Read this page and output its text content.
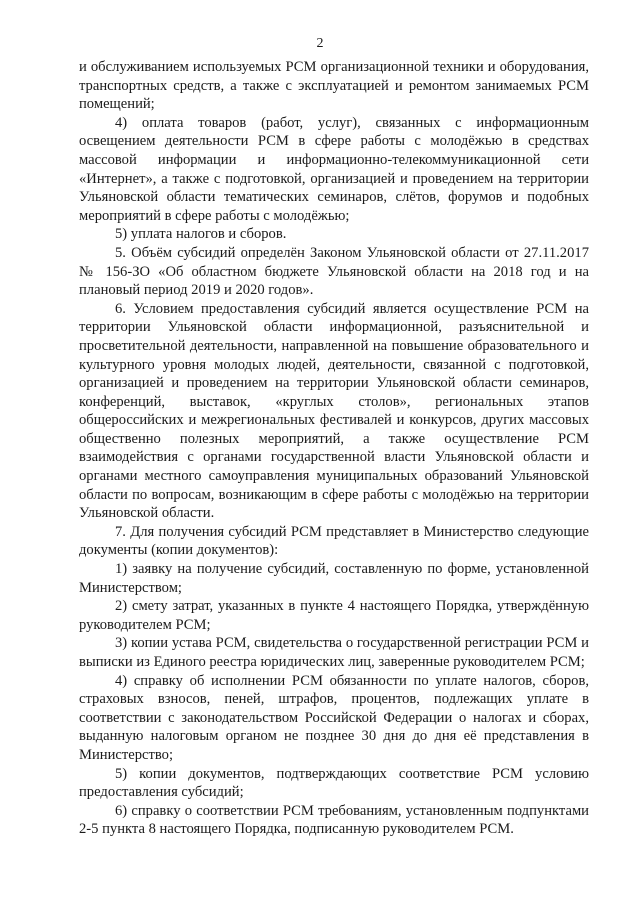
2

и обслуживанием используемых РСМ организационной техники и оборудования, транспортных средств, а также с эксплуатацией и ремонтом занимаемых РСМ помещений;

4) оплата товаров (работ, услуг), связанных с информационным освещением деятельности РСМ в сфере работы с молодёжью в средствах массовой информации и информационно-телекоммуникационной сети «Интернет», а также с подготовкой, организацией и проведением на территории Ульяновской области тематических семинаров, слётов, форумов и подобных мероприятий в сфере работы с молодёжью;

5) уплата налогов и сборов.

5. Объём субсидий определён Законом Ульяновской области от 27.11.2017 № 156-ЗО «Об областном бюджете Ульяновской области на 2018 год и на плановый период 2019 и 2020 годов».

6. Условием предоставления субсидий является осуществление РСМ на территории Ульяновской области информационной, разъяснительной и просветительной деятельности, направленной на повышение образовательного и культурного уровня молодых людей, деятельности, связанной с подготовкой, организацией и проведением на территории Ульяновской области семинаров, конференций, выставок, «круглых столов», региональных этапов общероссийских и межрегиональных фестивалей и конкурсов, других массовых общественно полезных мероприятий, а также осуществление РСМ взаимодействия с органами государственной власти Ульяновской области и органами местного самоуправления муниципальных образований Ульяновской области по вопросам, возникающим в сфере работы с молодёжью на территории Ульяновской области.

7. Для получения субсидий РСМ представляет в Министерство следующие документы (копии документов):

1) заявку на получение субсидий, составленную по форме, установленной Министерством;

2) смету затрат, указанных в пункте 4 настоящего Порядка, утверждённую руководителем РСМ;

3) копии устава РСМ, свидетельства о государственной регистрации РСМ и выписки из Единого реестра юридических лиц, заверенные руководителем РСМ;

4) справку об исполнении РСМ обязанности по уплате налогов, сборов, страховых взносов, пеней, штрафов, процентов, подлежащих уплате в соответствии с законодательством Российской Федерации о налогах и сборах, выданную налоговым органом не позднее 30 дня до дня её представления в Министерство;

5) копии документов, подтверждающих соответствие РСМ условию предоставления субсидий;

6) справку о соответствии РСМ требованиям, установленным подпунктами 2-5 пункта 8 настоящего Порядка, подписанную руководителем РСМ.
